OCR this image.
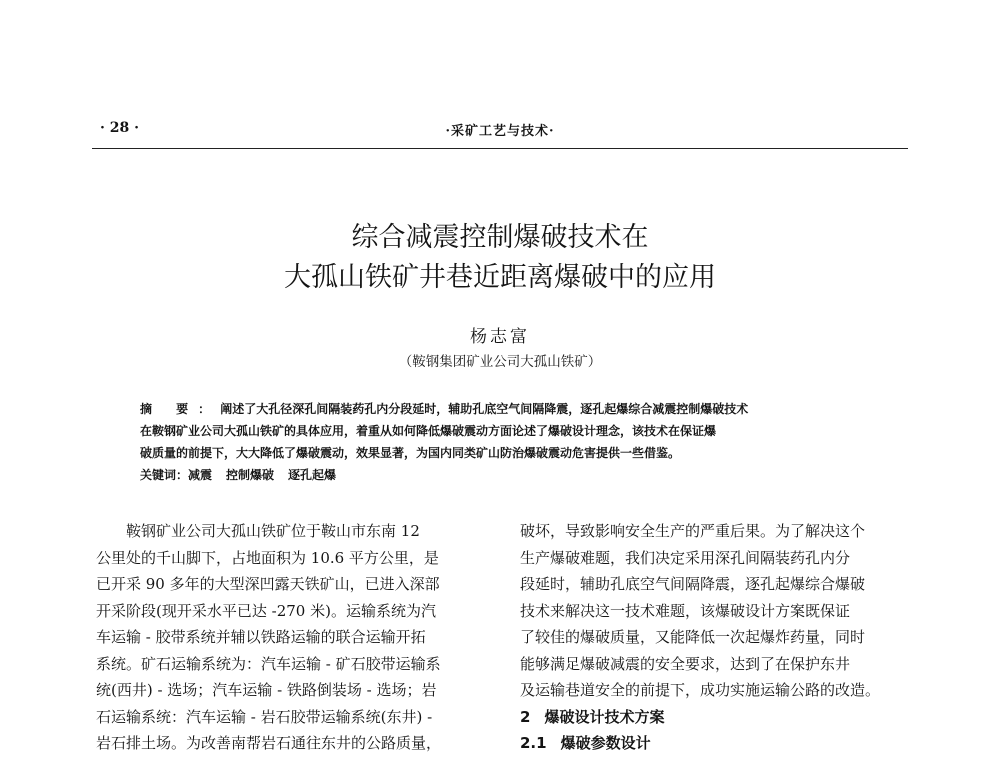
· 28 ·	·采矿工艺与技术·
综合减震控制爆破技术在
大孤山铁矿井巷近距离爆破中的应用
杨志富
（鞍钢集团矿业公司大孤山铁矿）
摘 要：阐述了大孔径深孔间隔装药孔内分段延时，辅助孔底空气间隔降震，逐孔起爆综合减震控制爆破技术
在鞍钢矿业公司大孤山铁矿的具体应用，着重从如何降低爆破震动方面论述了爆破设计理念，该技术在保证爆
破质量的前提下，大大降低了爆破震动，效果显著，为国内同类矿山防治爆破震动危害提供一些借鉴。
关键词：减震 控制爆破 逐孔起爆
鞍钢矿业公司大孤山铁矿位于鞍山市东南 12
公里处的千山脚下，占地面积为 10.6 平方公里，是
已开采 90 多年的大型深凹露天铁矿山，已进入深部
开采阶段(现开采水平已达 -270 米)。运输系统为汽
车运输 - 胶带系统并辅以铁路运输的联合运输开拓
系统。矿石运输系统为：汽车运输 - 矿石胶带运输系
统(西井) - 选场；汽车运输 - 铁路倒装场 - 选场；岩
石运输系统：汽车运输 - 岩石胶带运输系统(东井) -
岩石排土场。为改善南帮岩石通往东井的公路质量，
破坏，导致影响安全生产的严重后果。为了解决这个
生产爆破难题，我们决定采用深孔间隔装药孔内分
段延时，辅助孔底空气间隔降震，逐孔起爆综合爆破
技术来解决这一技术难题，该爆破设计方案既保证
了较佳的爆破质量，又能降低一次起爆炸药量，同时
能够满足爆破减震的安全要求，达到了在保护东井
及运输巷道安全的前提下，成功实施运输公路的改造。
2 爆破设计技术方案
2.1 爆破参数设计
